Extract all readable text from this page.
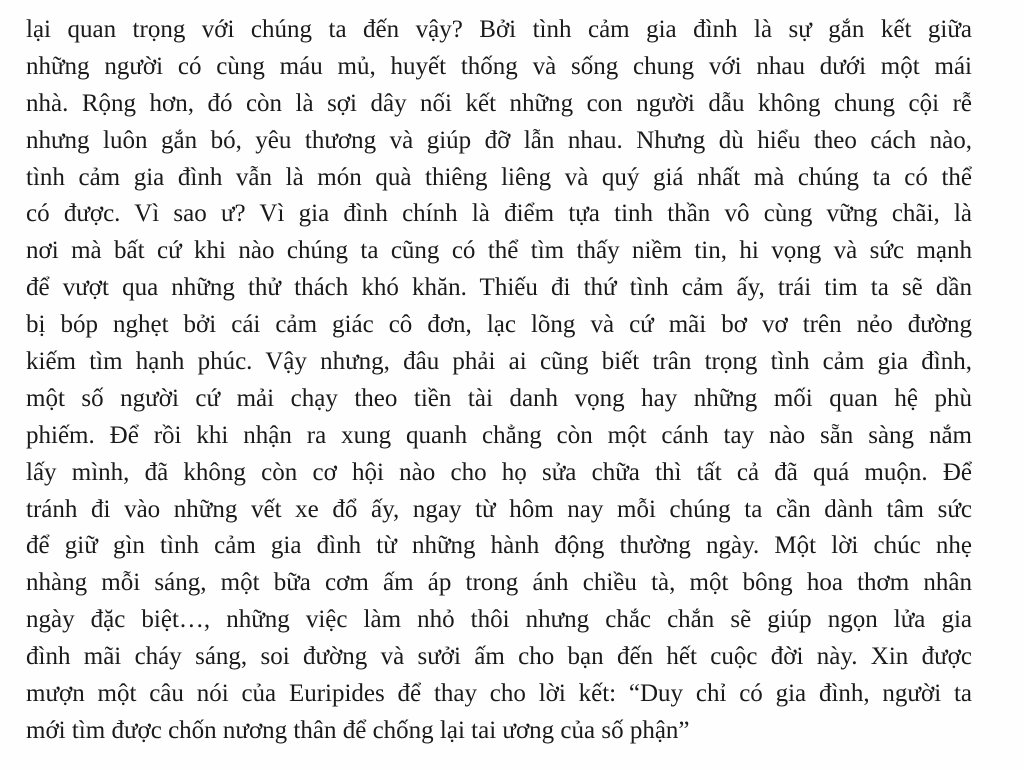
lại quan trọng với chúng ta đến vậy? Bởi tình cảm gia đình là sự gắn kết giữa
những người có cùng máu mủ, huyết thống và sống chung với nhau dưới một mái
nhà. Rộng hơn, đó còn là sợi dây nối kết những con người dẫu không chung cội rễ
nhưng luôn gắn bó, yêu thương và giúp đỡ lẫn nhau. Nhưng dù hiểu theo cách nào,
tình cảm gia đình vẫn là món quà thiêng liêng và quý giá nhất mà chúng ta có thể
có được. Vì sao ư? Vì gia đình chính là điểm tựa tinh thần vô cùng vững chãi, là
nơi mà bất cứ khi nào chúng ta cũng có thể tìm thấy niềm tin, hi vọng và sức mạnh
để vượt qua những thử thách khó khăn. Thiếu đi thứ tình cảm ấy, trái tim ta sẽ dần
bị bóp nghẹt bởi cái cảm giác cô đơn, lạc lõng và cứ mãi bơ vơ trên nẻo đường
kiếm tìm hạnh phúc. Vậy nhưng, đâu phải ai cũng biết trân trọng tình cảm gia đình,
một số người cứ mải chạy theo tiền tài danh vọng hay những mối quan hệ phù
phiếm. Để rồi khi nhận ra xung quanh chẳng còn một cánh tay nào sẵn sàng nắm
lấy mình, đã không còn cơ hội nào cho họ sửa chữa thì tất cả đã quá muộn. Để
tránh đi vào những vết xe đổ ấy, ngay từ hôm nay mỗi chúng ta cần dành tâm sức
để giữ gìn tình cảm gia đình từ những hành động thường ngày. Một lời chúc nhẹ
nhàng mỗi sáng, một bữa cơm ấm áp trong ánh chiều tà, một bông hoa thơm nhân
ngày đặc biệt…, những việc làm nhỏ thôi nhưng chắc chắn sẽ giúp ngọn lửa gia
đình mãi cháy sáng, soi đường và sưởi ấm cho bạn đến hết cuộc đời này. Xin được
mượn một câu nói của Euripides để thay cho lời kết: “Duy chỉ có gia đình, người ta
mới tìm được chốn nương thân để chống lại tai ương của số phận”
